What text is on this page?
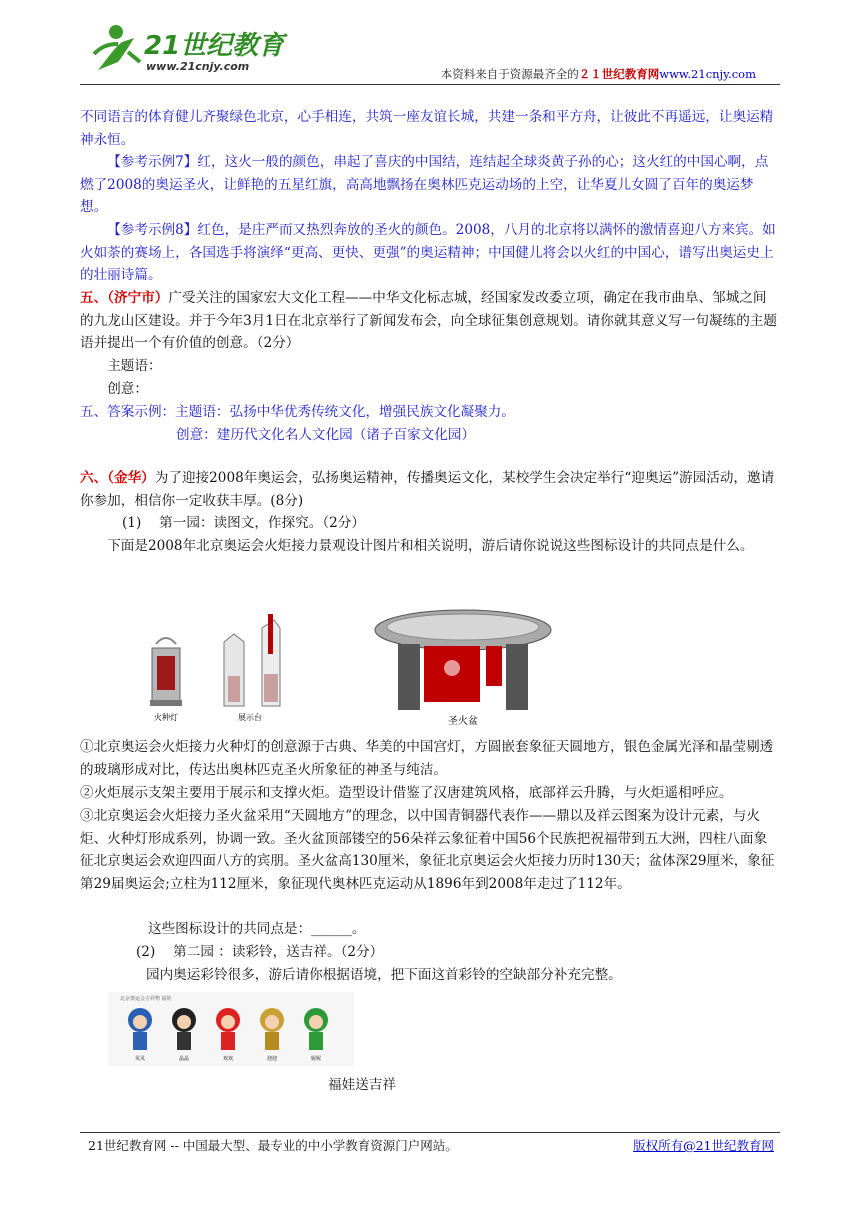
21世纪教育
www.21cnjy.com
本资料来自于资源最齐全的２１世纪教育网www.21cnjy.com

不同语言的体育健儿齐聚绿色北京，心手相连，共筑一座友谊长城，共建一条和平方舟，让彼此不再遥远，让奥运精神永恒。

【参考示例7】红，这火一般的颜色，串起了喜庆的中国结，连结起全球炎黄子孙的心；这火红的中国心啊，点燃了2008的奥运圣火，让鲜艳的五星红旗，高高地飘扬在奥林匹克运动场的上空，让华夏儿女圆了百年的奥运梦想。

【参考示例8】红色，是庄严而又热烈奔放的圣火的颜色。2008，八月的北京将以满怀的激情喜迎八方来宾。如火如荼的赛场上，各国选手将演绎“更高、更快、更强”的奥运精神；中国健儿将会以火红的中国心，谱写出奥运史上的壮丽诗篇。

五、（济宁市）广受关注的国家宏大文化工程——中华文化标志城，经国家发改委立项，确定在我市曲阜、邹城之间的九龙山区建设。并于今年3月1日在北京举行了新闻发布会，向全球征集创意规划。请你就其意义写一句凝练的主题语并提出一个有价值的创意。（2分）

主题语：

创意：

五、答案示例：主题语：弘扬中华优秀传统文化，增强民族文化凝聚力。

创意：建历代文化名人文化园（诸子百家文化园）

六、（金华）为了迎接2008年奥运会，弘扬奥运精神，传播奥运文化，某校学生会决定举行“迎奥运”游园活动，邀请你参加，相信你一定收获丰厚。(8分)

(1)　 第一园：读图文，作探究。（2分）

下面是2008年北京奥运会火炬接力景观设计图片和相关说明，游后请你说说这些图标设计的共同点是什么。

火种灯	展示台	圣火盆

①北京奥运会火炬接力火种灯的创意源于古典、华美的中国宫灯，方圆嵌套象征天圆地方，银色金属光泽和晶莹剔透的玻璃形成对比，传达出奥林匹克圣火所象征的神圣与纯洁。

②火炬展示支架主要用于展示和支撑火炬。造型设计借鉴了汉唐建筑风格，底部祥云升腾，与火炬遥相呼应。

③北京奥运会火炬接力圣火盆采用“天圆地方”的理念，以中国青铜器代表作——鼎以及祥云图案为设计元素，与火炬、火种灯形成系列，协调一致。圣火盆顶部镂空的56朵祥云象征着中国56个民族把祝福带到五大洲，四柱八面象征北京奥运会欢迎四面八方的宾朋。圣火盆高130厘米，象征北京奥运会火炬接力历时130天；盆体深29厘米，象征第29届奥运会;立柱为112厘米，象征现代奥林匹克运动从1896年到2008年走过了112年。

这些图标设计的共同点是：______。

(2)　 第二园 ：读彩铃，送吉祥。（2分）

园内奥运彩铃很多，游后请你根据语境，把下面这首彩铃的空缺部分补充完整。

北京奥运会吉祥物 福娃
贝贝	晶晶	欢欢	迎迎	妮妮

福娃送吉祥

21世纪教育网 -- 中国最大型、最专业的中小学教育资源门户网站。	版权所有@21世纪教育网
